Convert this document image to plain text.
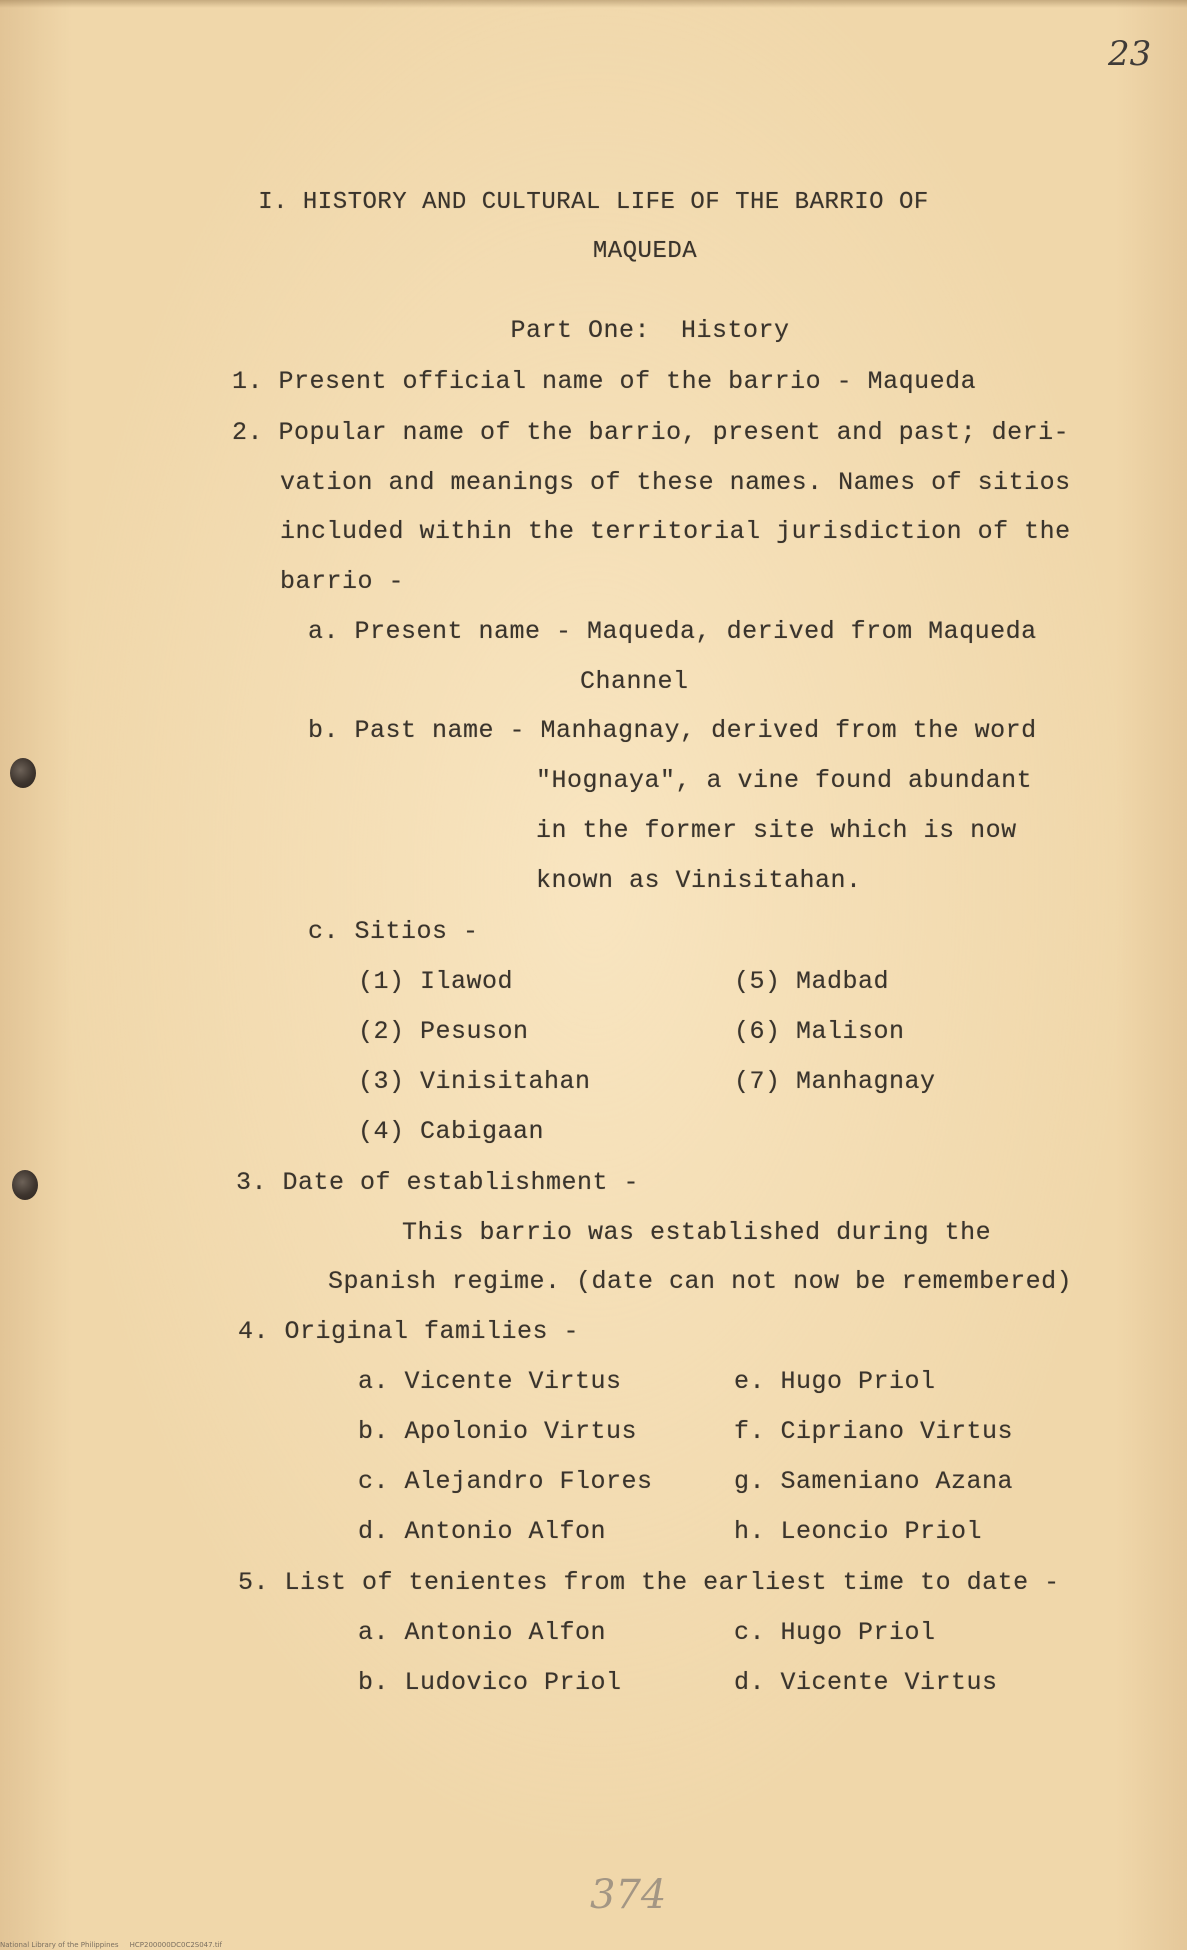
23
I. HISTORY AND CULTURAL LIFE OF THE BARRIO OF
MAQUEDA
Part One:  History
1. Present official name of the barrio - Maqueda
2. Popular name of the barrio, present and past; deri-
vation and meanings of these names. Names of sitios
included within the territorial jurisdiction of the
barrio -
a. Present name - Maqueda, derived from Maqueda
Channel
b. Past name - Manhagnay, derived from the word
"Hognaya", a vine found abundant
in the former site which is now
known as Vinisitahan.
c. Sitios -
(1) Ilawod
(2) Pesuson
(3) Vinisitahan
(4) Cabigaan
(5) Madbad
(6) Malison
(7) Manhagnay
3. Date of establishment -
This barrio was established during the
Spanish regime. (date can not now be remembered)
4. Original families -
a. Vicente Virtus
b. Apolonio Virtus
c. Alejandro Flores
d. Antonio Alfon
e. Hugo Priol
f. Cipriano Virtus
g. Sameniano Azana
h. Leoncio Priol
5. List of tenientes from the earliest time to date -
a. Antonio Alfon
b. Ludovico Priol
c. Hugo Priol
d. Vicente Virtus
374
National Library of the Philippines     HCP200000DC0C2S047.tif
